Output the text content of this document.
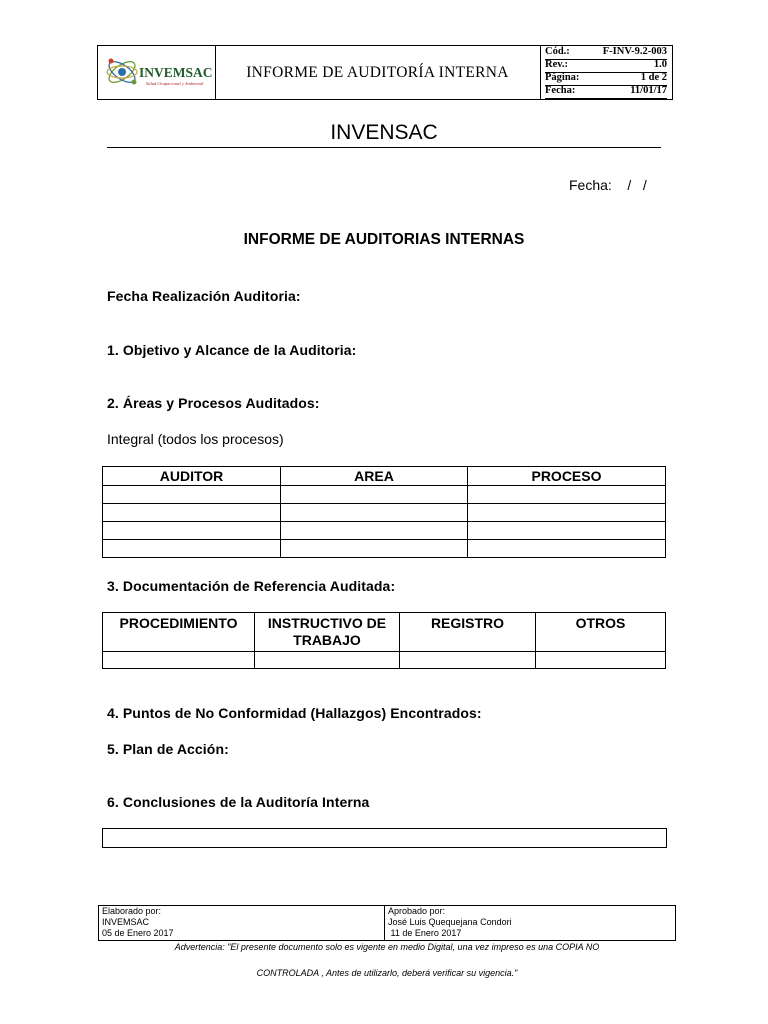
INVEMSAC
Salud Ocupacional y Ambiental
INFORME DE AUDITORÍA INTERNA
Cód.:	F-INV-9.2-003
Rev.:	1.0
Página:	1 de 2
Fecha:	11/01/17
INVENSAC
Fecha:    /   /
INFORME DE AUDITORIAS INTERNAS
Fecha Realización Auditoria:
1. Objetivo y Alcance de la Auditoria:
2. Áreas y Procesos Auditados:
Integral (todos los procesos)
AUDITOR	AREA	PROCESO

3. Documentación de Referencia Auditada:
PROCEDIMIENTO	INSTRUCTIVO DE TRABAJO	REGISTRO	OTROS

4. Puntos de No Conformidad (Hallazgos) Encontrados:
5. Plan de Acción:
6. Conclusiones de la Auditoría Interna
Elaborado por:
INVEMSAC
05 de Enero 2017
Aprobado por:
José Luis Quequejana Condori
11 de Enero 2017
Advertencia: "El presente documento solo es vigente en medio Digital, una vez impreso es una COPIA NO
CONTROLADA , Antes de utilizarlo, deberá verificar su vigencia."
